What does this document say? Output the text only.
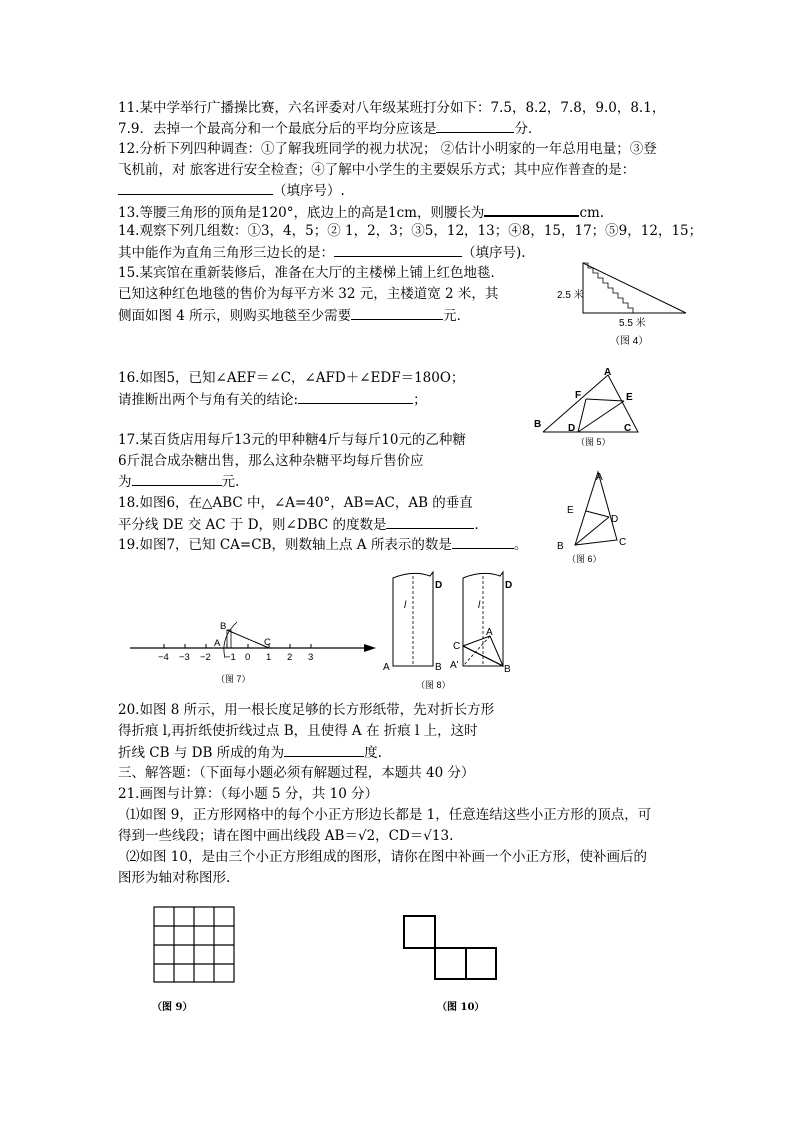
11.某中学举行广播操比赛，六名评委对八年级某班打分如下：7.5，8.2，7.8，9.0，8.1，
7.9．去掉一个最高分和一个最底分后的平均分应该是	分．
12.分析下列四种调查：①了解我班同学的视力状况； ②估计小明家的一年总用电量；③登
飞机前，对 旅客进行安全检查；④了解中小学生的主要娱乐方式；其中应作普查的是：
（填序号）.
13.等腰三角形的顶角是120°，底边上的高是1cm，则腰长为	cm.
14.观察下列几组数：①3，4，5；② 1，2，3；③5，12，13；④8，15，17；⑤9，12，15；
其中能作为直角三角形三边长的是：	（填序号).
15.某宾馆在重新装修后，准备在大厅的主楼梯上铺上红色地毯．
已知这种红色地毯的售价为每平方米 32 元，主楼道宽 2 米，其
侧面如图 4 所示，则购买地毯至少需要	元．
2.5 米
5.5 米
（图 4）
16.如图5，已知∠AEF＝∠C，∠AFD＋∠EDF＝180O；
请推断出两个与角有关的结论:	；
A
F	E
B	D	C
（图 5）
17.某百货店用每斤13元的甲种糖4斤与每斤10元的乙种糖
6斤混合成杂糖出售，那么这种杂糖平均每斤售价应
为	元.
18.如图6，在△ABC 中，∠A=40°，AB=AC，AB 的垂直
平分线 DE 交 AC 于 D，则∠DBC 的度数是	．
19.如图7，已知 CA=CB，则数轴上点 A 所表示的数是	。
A
E
D
B	C
（图 6）
−4 −3 −2 −1 0 1 2 3
B
A	C
（图 7）
D
l
A	B
D
l
A
C
A'	B
（图 8）
20.如图 8 所示，用一根长度足够的长方形纸带，先对折长方形
得折痕 l,再折纸使折线过点 B，且使得 A 在 折痕 l 上，这时
折线 CB 与 DB 所成的角为	度.
三、解答题：（下面每小题必须有解题过程，本题共 40 分）
21.画图与计算：（每小题 5 分，共 10 分）
⑴如图 9，正方形网格中的每个小正方形边长都是 1，任意连结这些小正方形的顶点，可
得到一些线段；请在图中画出线段 AB＝√2，CD＝√13.
⑵如图 10，是由三个小正方形组成的图形，请你在图中补画一个小正方形，使补画后的
图形为轴对称图形.
（图 9）	（图 10）
